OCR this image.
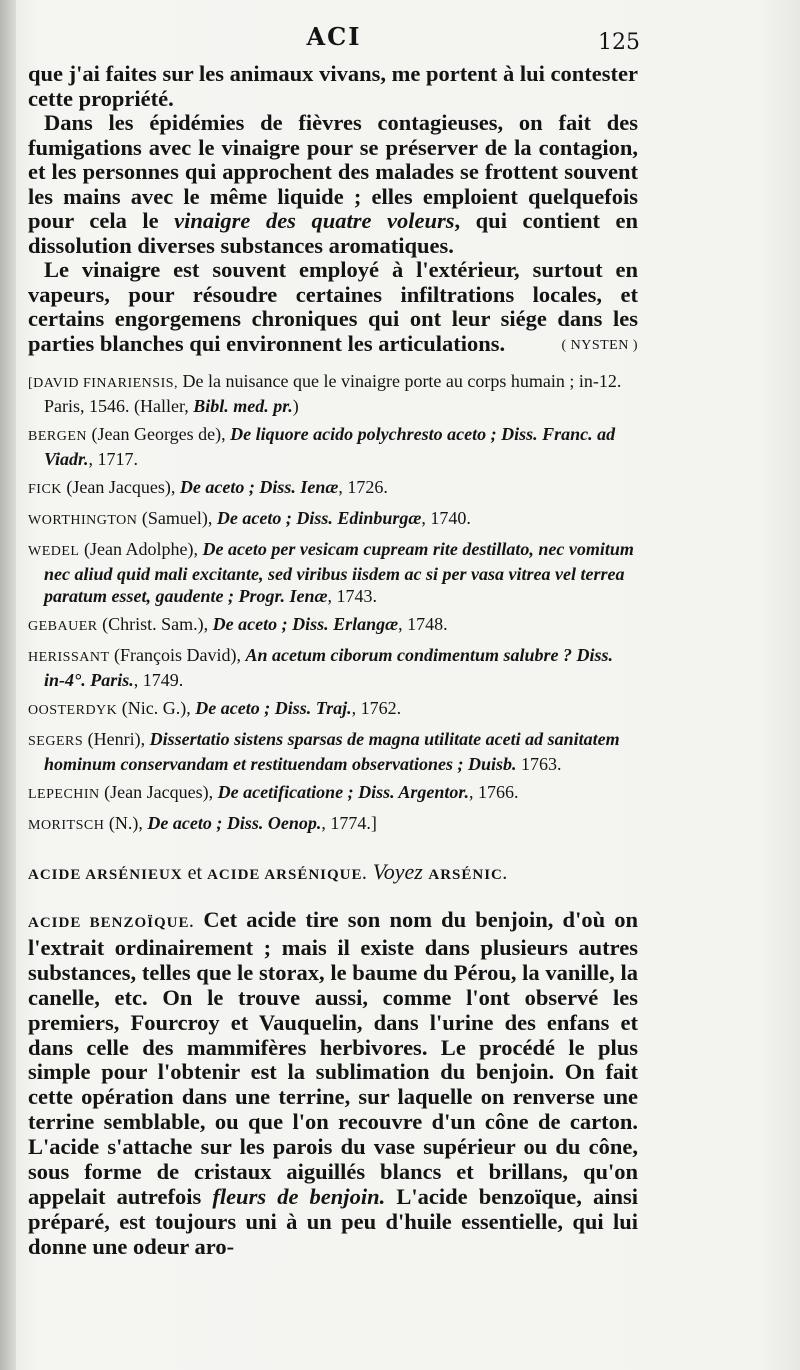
ACI	125

que j'ai faites sur les animaux vivans, me portent à lui contester cette propriété.

Dans les épidémies de fièvres contagieuses, on fait des fumigations avec le vinaigre pour se préserver de la contagion, et les personnes qui approchent des malades se frottent souvent les mains avec le même liquide ; elles emploient quelquefois pour cela le vinaigre des quatre voleurs, qui contient en dissolution diverses substances aromatiques.

Le vinaigre est souvent employé à l'extérieur, surtout en vapeurs, pour résoudre certaines infiltrations locales, et certains engorgemens chroniques qui ont leur siége dans les parties blanches qui environnent les articulations.	( NYSTEN )

[DAVID FINARIENSIS, De la nuisance que le vinaigre porte au corps humain ; in-12. Paris, 1546. (Haller, Bibl. med. pr.)

BERGEN (Jean Georges de), De liquore acido polychresto aceto ; Diss. Franc. ad Viadr., 1717.

FICK (Jean Jacques), De aceto ; Diss. Ienæ, 1726.

WORTHINGTON (Samuel), De aceto ; Diss. Edinburgæ, 1740.

WEDEL (Jean Adolphe), De aceto per vesicam cupream rite destillato, nec vomitum nec aliud quid mali excitante, sed viribus iisdem ac si per vasa vitrea vel terrea paratum esset, gaudente ; Progr. Ienæ, 1743.

GEBAUER (Christ. Sam.), De aceto ; Diss. Erlangæ, 1748.

HERISSANT (François David), An acetum ciborum condimentum salubre ? Diss. in-4°. Paris., 1749.

OOSTERDYK (Nic. G.), De aceto ; Diss. Traj., 1762.

SEGERS (Henri), Dissertatio sistens sparsas de magna utilitate aceti ad sanitatem hominum conservandam et restituendam observationes ; Duisb. 1763.

LEPECHIN (Jean Jacques), De acetificatione ; Diss. Argentor., 1766.

MORITSCH (N.), De aceto ; Diss. Oenop., 1774.]

ACIDE ARSÉNIEUX et ACIDE ARSÉNIQUE. Voyez ARSÉNIC.

ACIDE BENZOÏQUE. Cet acide tire son nom du benjoin, d'où on l'extrait ordinairement ; mais il existe dans plusieurs autres substances, telles que le storax, le baume du Pérou, la vanille, la canelle, etc. On le trouve aussi, comme l'ont observé les premiers, Fourcroy et Vauquelin, dans l'urine des enfans et dans celle des mammifères herbivores. Le procédé le plus simple pour l'obtenir est la sublimation du benjoin. On fait cette opération dans une terrine, sur laquelle on renverse une terrine semblable, ou que l'on recouvre d'un cône de carton. L'acide s'attache sur les parois du vase supérieur ou du cône, sous forme de cristaux aiguillés blancs et brillans, qu'on appelait autrefois fleurs de benjoin. L'acide benzoïque, ainsi préparé, est toujours uni à un peu d'huile essentielle, qui lui donne une odeur aro-
